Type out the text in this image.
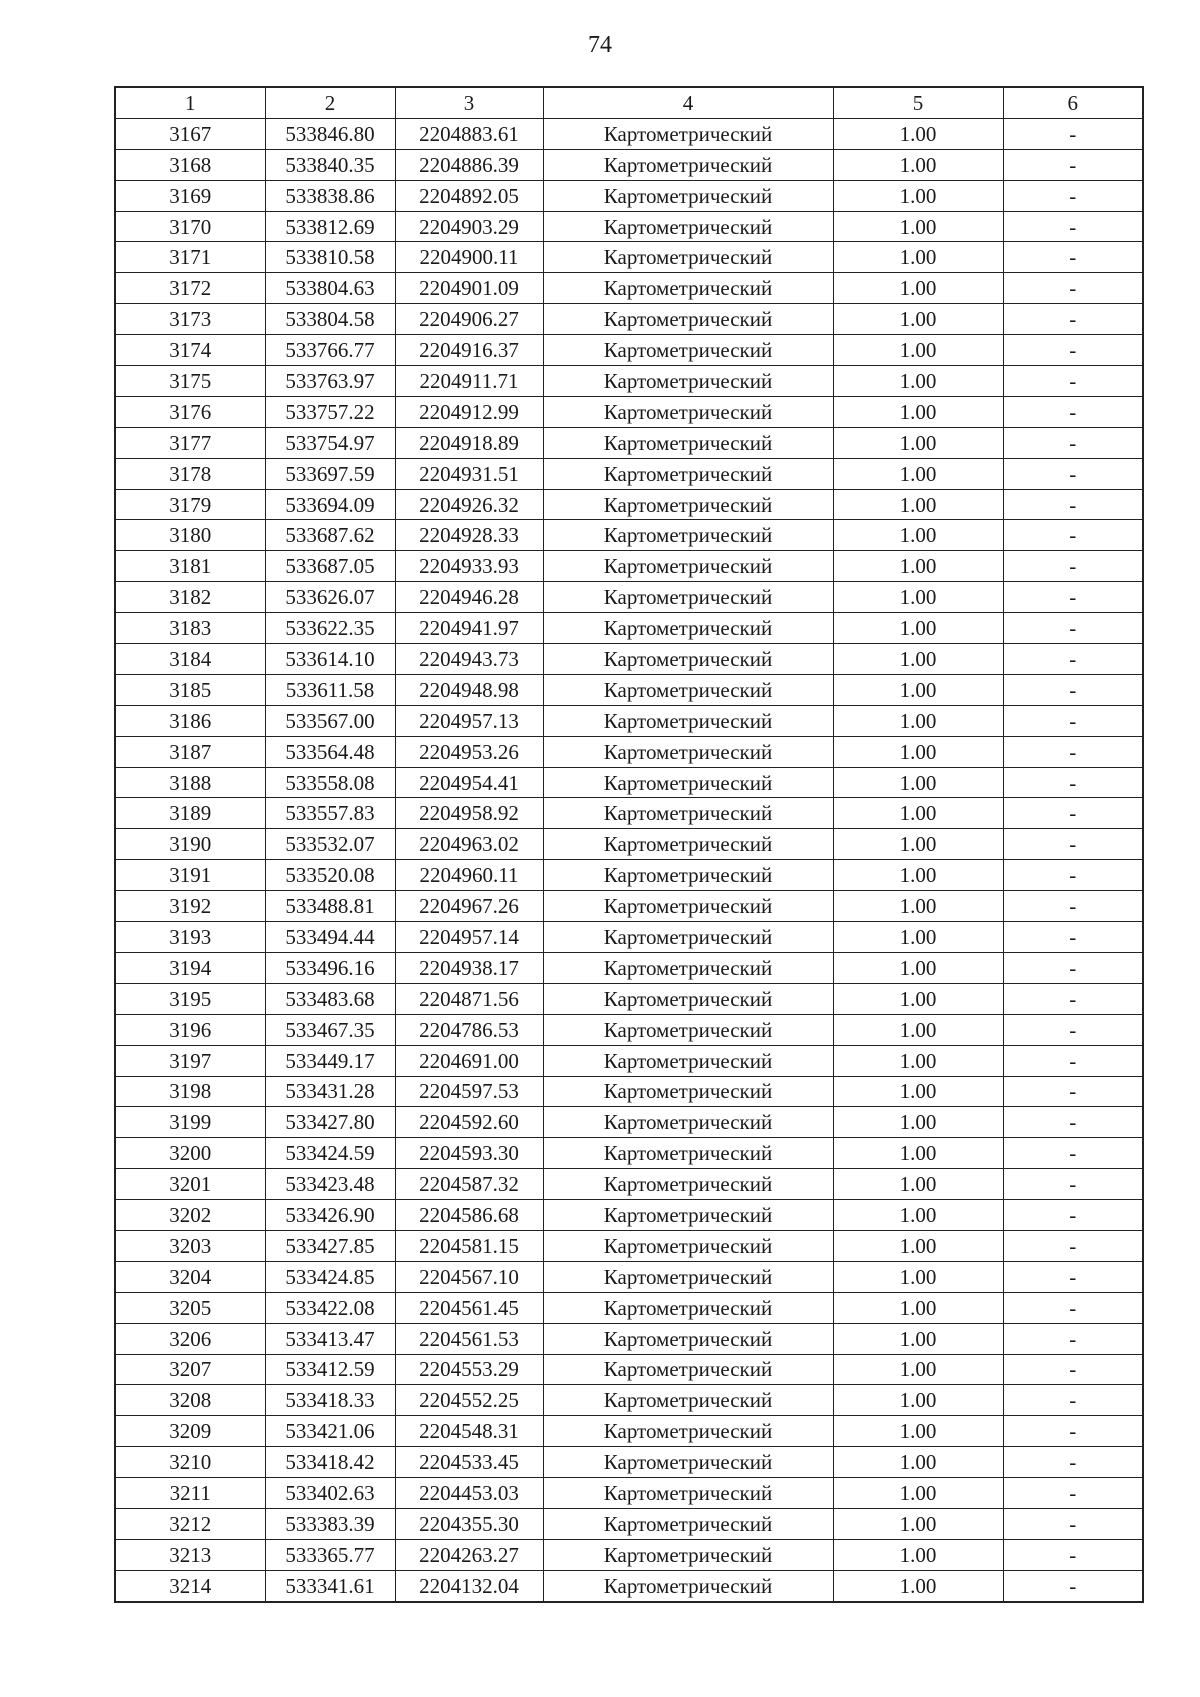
74
1	2	3	4	5	6
3167	533846.80	2204883.61	Картометрический	1.00	-
3168	533840.35	2204886.39	Картометрический	1.00	-
3169	533838.86	2204892.05	Картометрический	1.00	-
3170	533812.69	2204903.29	Картометрический	1.00	-
3171	533810.58	2204900.11	Картометрический	1.00	-
3172	533804.63	2204901.09	Картометрический	1.00	-
3173	533804.58	2204906.27	Картометрический	1.00	-
3174	533766.77	2204916.37	Картометрический	1.00	-
3175	533763.97	2204911.71	Картометрический	1.00	-
3176	533757.22	2204912.99	Картометрический	1.00	-
3177	533754.97	2204918.89	Картометрический	1.00	-
3178	533697.59	2204931.51	Картометрический	1.00	-
3179	533694.09	2204926.32	Картометрический	1.00	-
3180	533687.62	2204928.33	Картометрический	1.00	-
3181	533687.05	2204933.93	Картометрический	1.00	-
3182	533626.07	2204946.28	Картометрический	1.00	-
3183	533622.35	2204941.97	Картометрический	1.00	-
3184	533614.10	2204943.73	Картометрический	1.00	-
3185	533611.58	2204948.98	Картометрический	1.00	-
3186	533567.00	2204957.13	Картометрический	1.00	-
3187	533564.48	2204953.26	Картометрический	1.00	-
3188	533558.08	2204954.41	Картометрический	1.00	-
3189	533557.83	2204958.92	Картометрический	1.00	-
3190	533532.07	2204963.02	Картометрический	1.00	-
3191	533520.08	2204960.11	Картометрический	1.00	-
3192	533488.81	2204967.26	Картометрический	1.00	-
3193	533494.44	2204957.14	Картометрический	1.00	-
3194	533496.16	2204938.17	Картометрический	1.00	-
3195	533483.68	2204871.56	Картометрический	1.00	-
3196	533467.35	2204786.53	Картометрический	1.00	-
3197	533449.17	2204691.00	Картометрический	1.00	-
3198	533431.28	2204597.53	Картометрический	1.00	-
3199	533427.80	2204592.60	Картометрический	1.00	-
3200	533424.59	2204593.30	Картометрический	1.00	-
3201	533423.48	2204587.32	Картометрический	1.00	-
3202	533426.90	2204586.68	Картометрический	1.00	-
3203	533427.85	2204581.15	Картометрический	1.00	-
3204	533424.85	2204567.10	Картометрический	1.00	-
3205	533422.08	2204561.45	Картометрический	1.00	-
3206	533413.47	2204561.53	Картометрический	1.00	-
3207	533412.59	2204553.29	Картометрический	1.00	-
3208	533418.33	2204552.25	Картометрический	1.00	-
3209	533421.06	2204548.31	Картометрический	1.00	-
3210	533418.42	2204533.45	Картометрический	1.00	-
3211	533402.63	2204453.03	Картометрический	1.00	-
3212	533383.39	2204355.30	Картометрический	1.00	-
3213	533365.77	2204263.27	Картометрический	1.00	-
3214	533341.61	2204132.04	Картометрический	1.00	-
